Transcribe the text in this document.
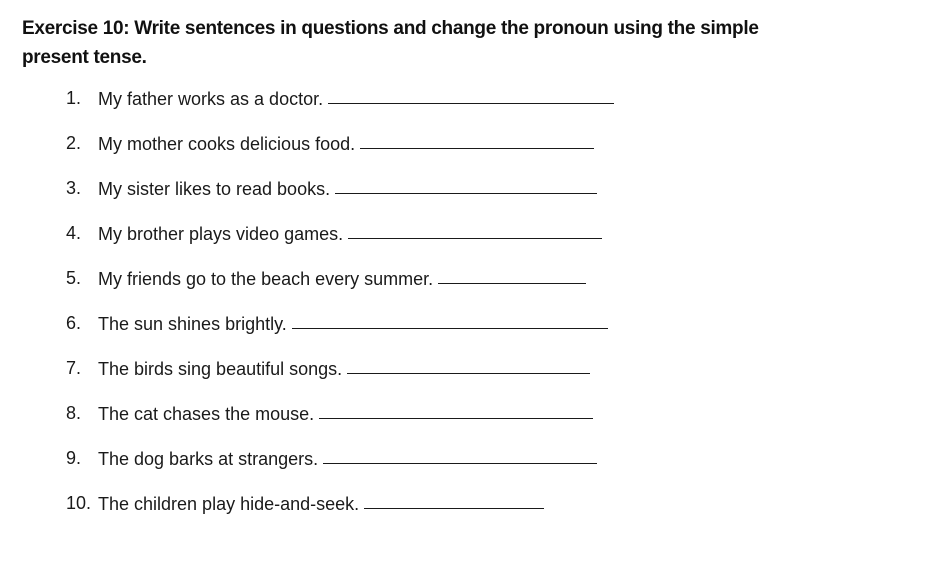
Exercise 10: Write sentences in questions and change the pronoun using the simple present tense.
1. My father works as a doctor.
2. My mother cooks delicious food.
3. My sister likes to read books.
4. My brother plays video games.
5. My friends go to the beach every summer.
6. The sun shines brightly.
7. The birds sing beautiful songs.
8. The cat chases the mouse.
9. The dog barks at strangers.
10. The children play hide-and-seek.
